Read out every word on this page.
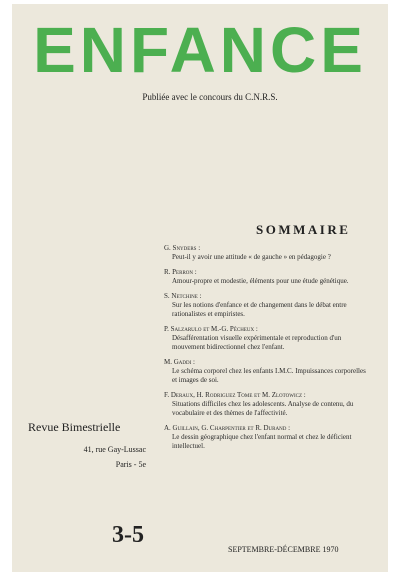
ENFANCE

Publiée avec le concours du C.N.R.S.

SOMMAIRE
G. Snyders :
Peut-il y avoir une attitude « de gauche » en pédagogie ?
R. Perron :
Amour-propre et modestie, éléments pour une étude génétique.
S. Netchine :
Sur les notions d'enfance et de changement dans le débat entre rationalistes et empiristes.
P. Salzarulo et M.-G. Pêcheux :
Désafférentation visuelle expérimentale et reproduction d'un mouvement bidirectionnel chez l'enfant.
M. Gaddi :
Le schéma corporel chez les enfants I.M.C. Impuissances corporelles et images de soi.
F. Deraux, H. Rodriguez Tome et M. Zlotowicz :
Situations difficiles chez les adolescents. Analyse de contenu, du vocabulaire et des thèmes de l'affectivité.
A. Guillain, G. Charpentier et R. Durand :
Le dessin géographique chez l'enfant normal et chez le déficient intellectuel.

Revue Bimestrielle

41, rue Gay-Lussac

Paris - 5e

3-5

SEPTEMBRE-DÉCEMBRE 1970
